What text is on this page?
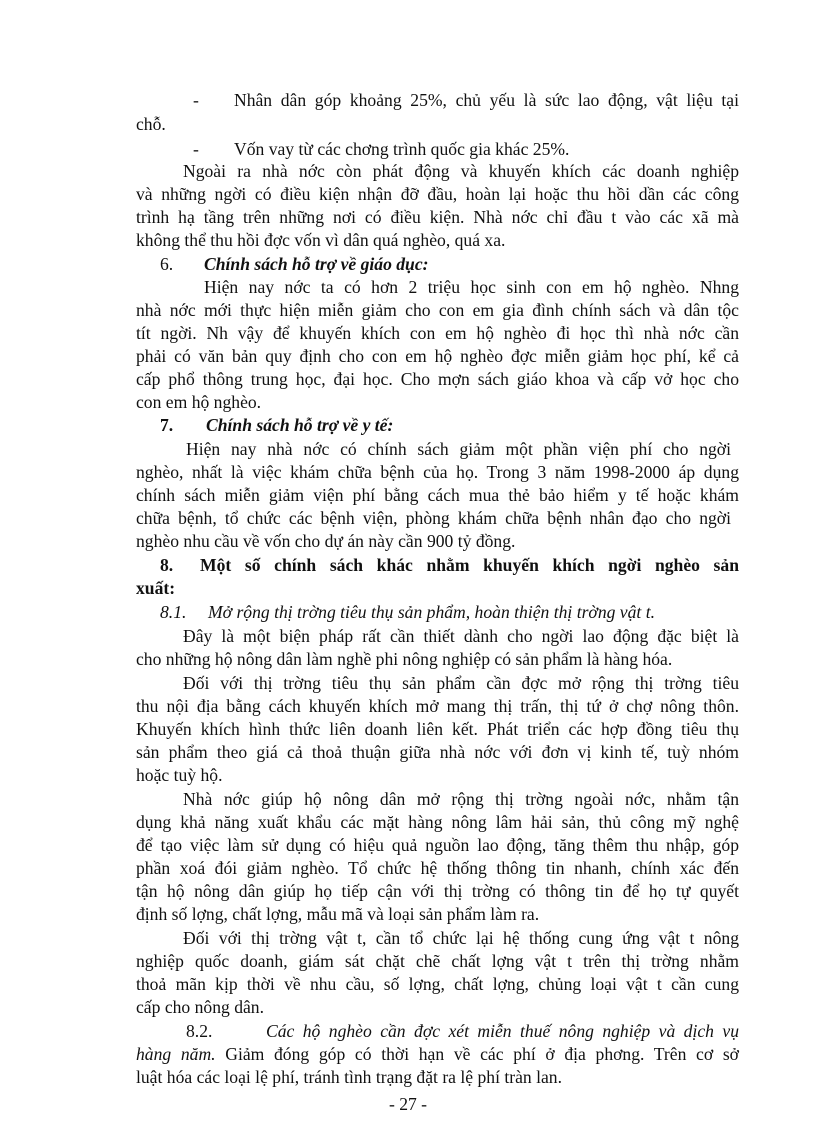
- Nhân dân góp khoảng 25%, chủ yếu là sức lao động, vật liệu tại
chỗ.
- Vốn vay từ các chơng trình quốc gia khác 25%.
Ngoài ra nhà nớc còn phát động và khuyến khích các doanh nghiệp
và những ngời có điều kiện nhận đỡ đầu, hoàn lại hoặc thu hồi dần các công
trình hạ tầng trên những nơi có điều kiện. Nhà nớc chỉ đầu t vào các xã mà
không thể thu hồi đợc vốn vì dân quá nghèo, quá xa.
6. Chính sách hỗ trợ về giáo dục:
Hiện nay nớc ta có hơn 2 triệu học sinh con em hộ nghèo. Nhng
nhà nớc mới thực hiện miễn giảm cho con em gia đình chính sách và dân tộc
tít ngời. Nh vậy để khuyến khích con em hộ nghèo đi học thì nhà nớc cần
phải có văn bản quy định cho con em hộ nghèo đợc miễn giảm học phí, kể cả
cấp phổ thông trung học, đại học. Cho mợn sách giáo khoa và cấp vở học cho
con em hộ nghèo.
7. Chính sách hỗ trợ về y tế:
Hiện nay nhà nớc có chính sách giảm một phần viện phí cho ngời
nghèo, nhất là việc khám chữa bệnh của họ. Trong 3 năm 1998-2000 áp dụng
chính sách miễn giảm viện phí bằng cách mua thẻ bảo hiểm y tế hoặc khám
chữa bệnh, tổ chức các bệnh viện, phòng khám chữa bệnh nhân đạo cho ngời
nghèo nhu cầu về vốn cho dự án này cần 900 tỷ đồng.
8. Một số chính sách khác nhằm khuyến khích ngời nghèo sản
xuất:
8.1. Mở rộng thị trờng tiêu thụ sản phẩm, hoàn thiện thị trờng vật t.
Đây là một biện pháp rất cần thiết dành cho ngời lao động đặc biệt là
cho những hộ nông dân làm nghề phi nông nghiệp có sản phẩm là hàng hóa.
Đối với thị trờng tiêu thụ sản phẩm cần đợc mở rộng thị trờng tiêu
thu nội địa bằng cách khuyến khích mở mang thị trấn, thị tứ ở chợ nông thôn.
Khuyến khích hình thức liên doanh liên kết. Phát triển các hợp đồng tiêu thụ
sản phẩm theo giá cả thoả thuận giữa nhà nớc với đơn vị kinh tế, tuỳ nhóm
hoặc tuỳ hộ.
Nhà nớc giúp hộ nông dân mở rộng thị trờng ngoài nớc, nhằm tận
dụng khả năng xuất khẩu các mặt hàng nông lâm hải sản, thủ công mỹ nghệ
để tạo việc làm sử dụng có hiệu quả nguồn lao động, tăng thêm thu nhập, góp
phần xoá đói giảm nghèo. Tổ chức hệ thống thông tin nhanh, chính xác đến
tận hộ nông dân giúp họ tiếp cận với thị trờng có thông tin để họ tự quyết
định số lợng, chất lợng, mẫu mã và loại sản phẩm làm ra.
Đối với thị trờng vật t, cần tổ chức lại hệ thống cung ứng vật t nông
nghiệp quốc doanh, giám sát chặt chẽ chất lợng vật t trên thị trờng nhằm
thoả mãn kịp thời về nhu cầu, số lợng, chất lợng, chủng loại vật t cần cung
cấp cho nông dân.
8.2.	Các hộ nghèo cần đợc xét miễn thuế nông nghiệp và dịch vụ
hàng năm. Giảm đóng góp có thời hạn về các phí ở địa phơng. Trên cơ sở
luật hóa các loại lệ phí, tránh tình trạng đặt ra lệ phí tràn lan.
- 27 -
